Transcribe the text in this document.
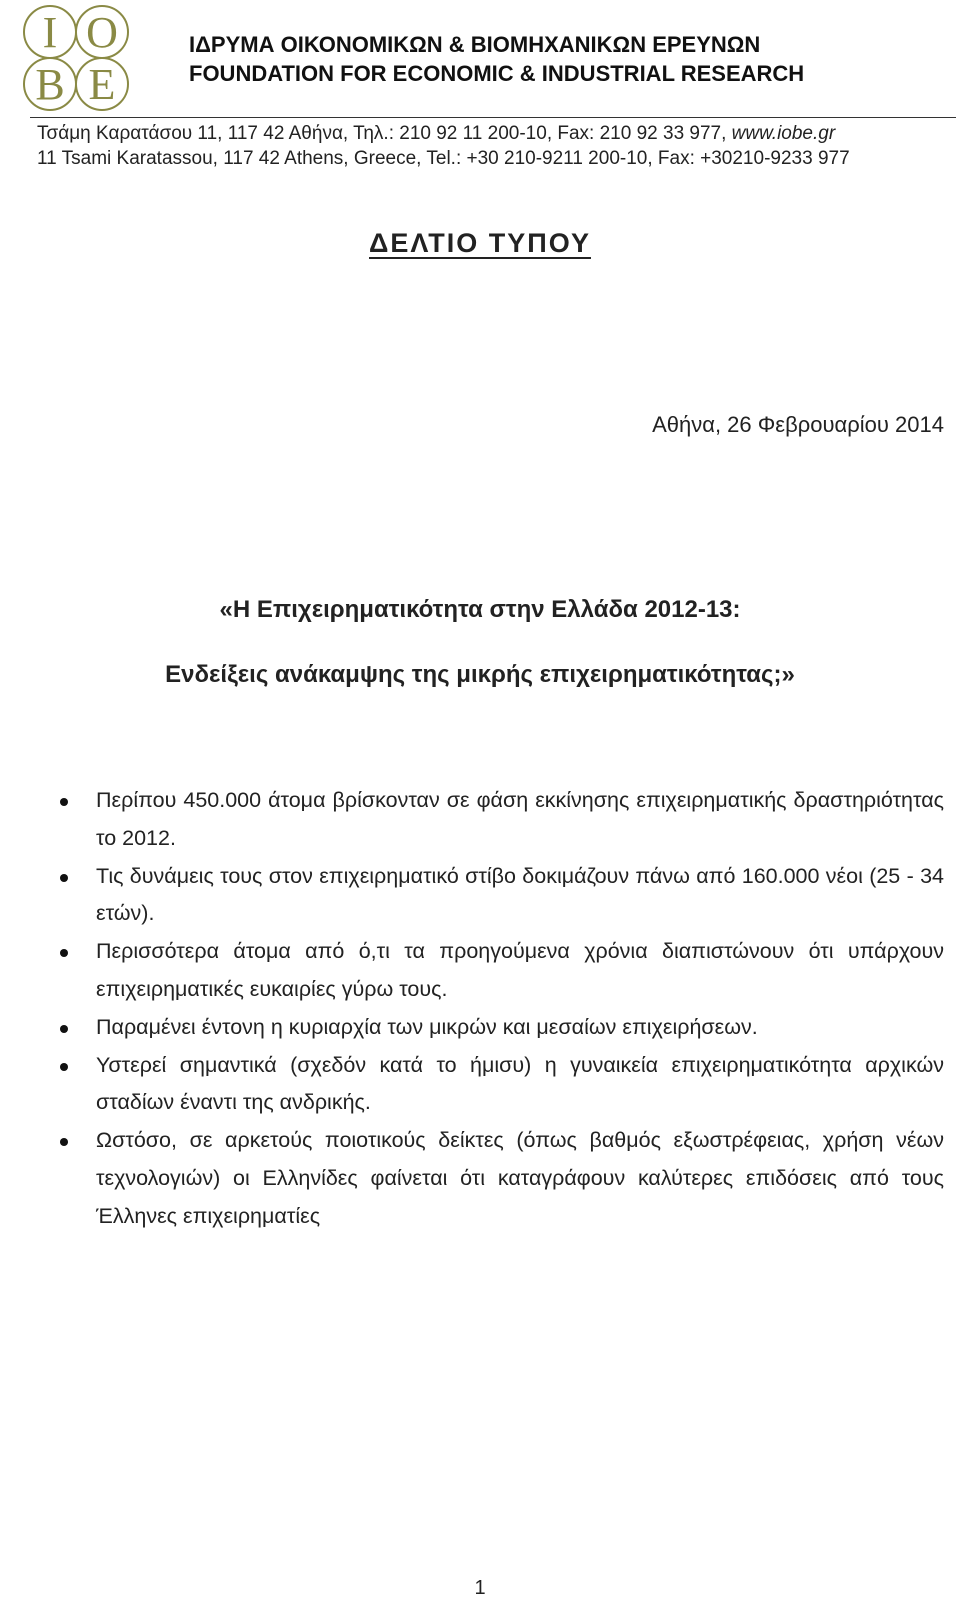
I O
B E
ΙΔΡΥΜΑ ΟΙΚΟΝΟΜΙΚΩΝ & ΒΙΟΜΗΧΑΝΙΚΩΝ ΕΡΕΥΝΩΝ
FOUNDATION FOR ECONOMIC & INDUSTRIAL RESEARCH
Τσάμη Καρατάσου 11, 117 42 Αθήνα, Τηλ.: 210 92 11 200-10, Fax: 210 92 33 977, www.iobe.gr
11 Tsami Karatassou, 117 42 Athens, Greece, Tel.: +30 210-9211 200-10, Fax: +30210-9233 977
ΔΕΛΤΙΟ ΤΥΠΟΥ
Αθήνα, 26 Φεβρουαρίου 2014
«Η Επιχειρηματικότητα στην Ελλάδα 2012-13:
Ενδείξεις ανάκαμψης της μικρής επιχειρηματικότητας;»
Περίπου 450.000 άτομα βρίσκονταν σε φάση εκκίνησης επιχειρηματικής δραστηριότητας το 2012.
Τις δυνάμεις τους στον επιχειρηματικό στίβο δοκιμάζουν πάνω από 160.000 νέοι (25 - 34 ετών).
Περισσότερα άτομα από ό,τι τα προηγούμενα χρόνια διαπιστώνουν ότι υπάρχουν επιχειρηματικές ευκαιρίες γύρω τους.
Παραμένει έντονη η κυριαρχία των μικρών και μεσαίων επιχειρήσεων.
Υστερεί σημαντικά (σχεδόν κατά το ήμισυ) η γυναικεία επιχειρηματικότητα αρχικών σταδίων έναντι της ανδρικής.
Ωστόσο, σε αρκετούς ποιοτικούς δείκτες (όπως βαθμός εξωστρέφειας, χρήση νέων τεχνολογιών) οι Ελληνίδες φαίνεται ότι καταγράφουν καλύτερες επιδόσεις από τους Έλληνες επιχειρηματίες
1
